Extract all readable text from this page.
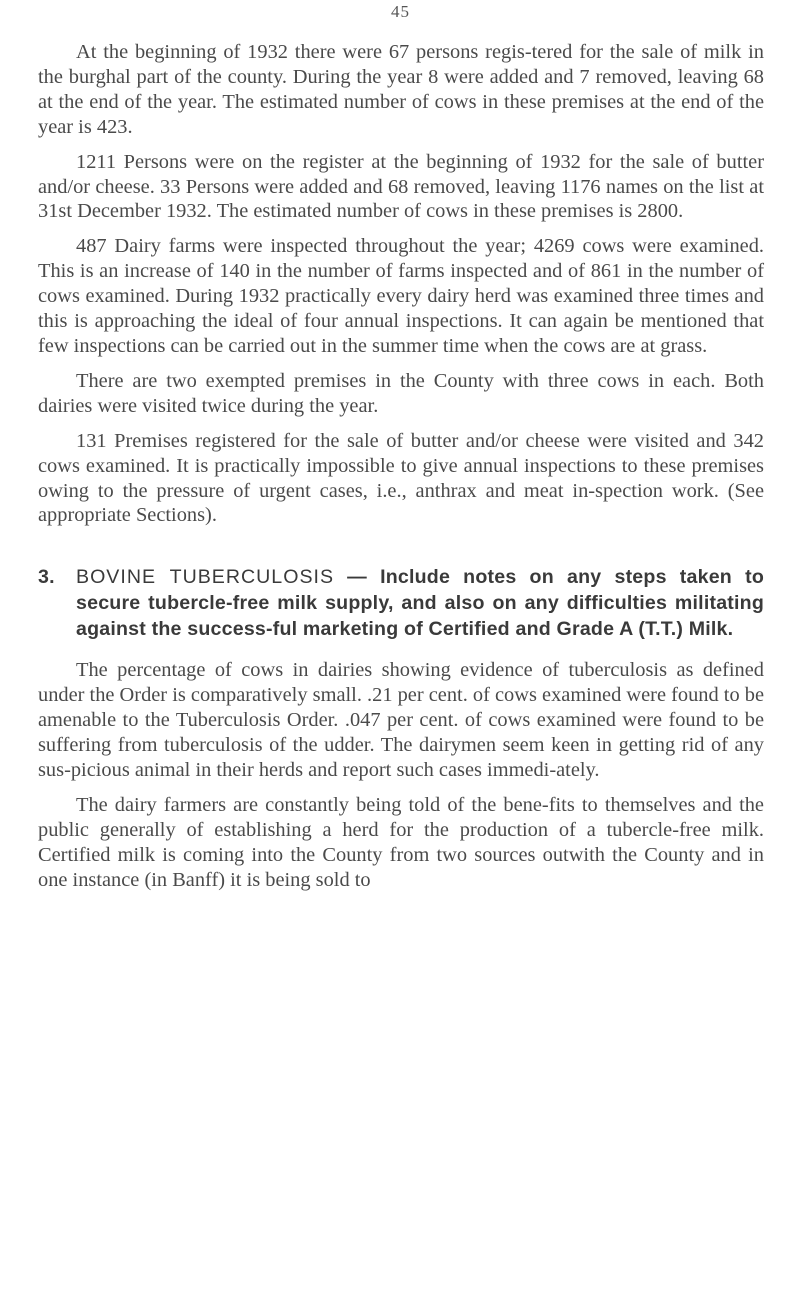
45

At the beginning of 1932 there were 67 persons regis-tered for the sale of milk in the burghal part of the county. During the year 8 were added and 7 removed, leaving 68 at the end of the year. The estimated number of cows in these premises at the end of the year is 423.

1211 Persons were on the register at the beginning of 1932 for the sale of butter and/or cheese. 33 Persons were added and 68 removed, leaving 1176 names on the list at 31st December 1932. The estimated number of cows in these premises is 2800.

487 Dairy farms were inspected throughout the year; 4269 cows were examined. This is an increase of 140 in the number of farms inspected and of 861 in the number of cows examined. During 1932 practically every dairy herd was examined three times and this is approaching the ideal of four annual inspections. It can again be mentioned that few inspections can be carried out in the summer time when the cows are at grass.

There are two exempted premises in the County with three cows in each. Both dairies were visited twice during the year.

131 Premises registered for the sale of butter and/or cheese were visited and 342 cows examined. It is practically impossible to give annual inspections to these premises owing to the pressure of urgent cases, i.e., anthrax and meat in-spection work. (See appropriate Sections).

3. BOVINE TUBERCULOSIS — Include notes on any steps taken to secure tubercle-free milk supply, and also on any difficulties militating against the success-ful marketing of Certified and Grade A (T.T.) Milk.

The percentage of cows in dairies showing evidence of tuberculosis as defined under the Order is comparatively small. .21 per cent. of cows examined were found to be amenable to the Tuberculosis Order. .047 per cent. of cows examined were found to be suffering from tuberculosis of the udder. The dairymen seem keen in getting rid of any sus-picious animal in their herds and report such cases immedi-ately.

The dairy farmers are constantly being told of the bene-fits to themselves and the public generally of establishing a herd for the production of a tubercle-free milk. Certified milk is coming into the County from two sources outwith the County and in one instance (in Banff) it is being sold to
